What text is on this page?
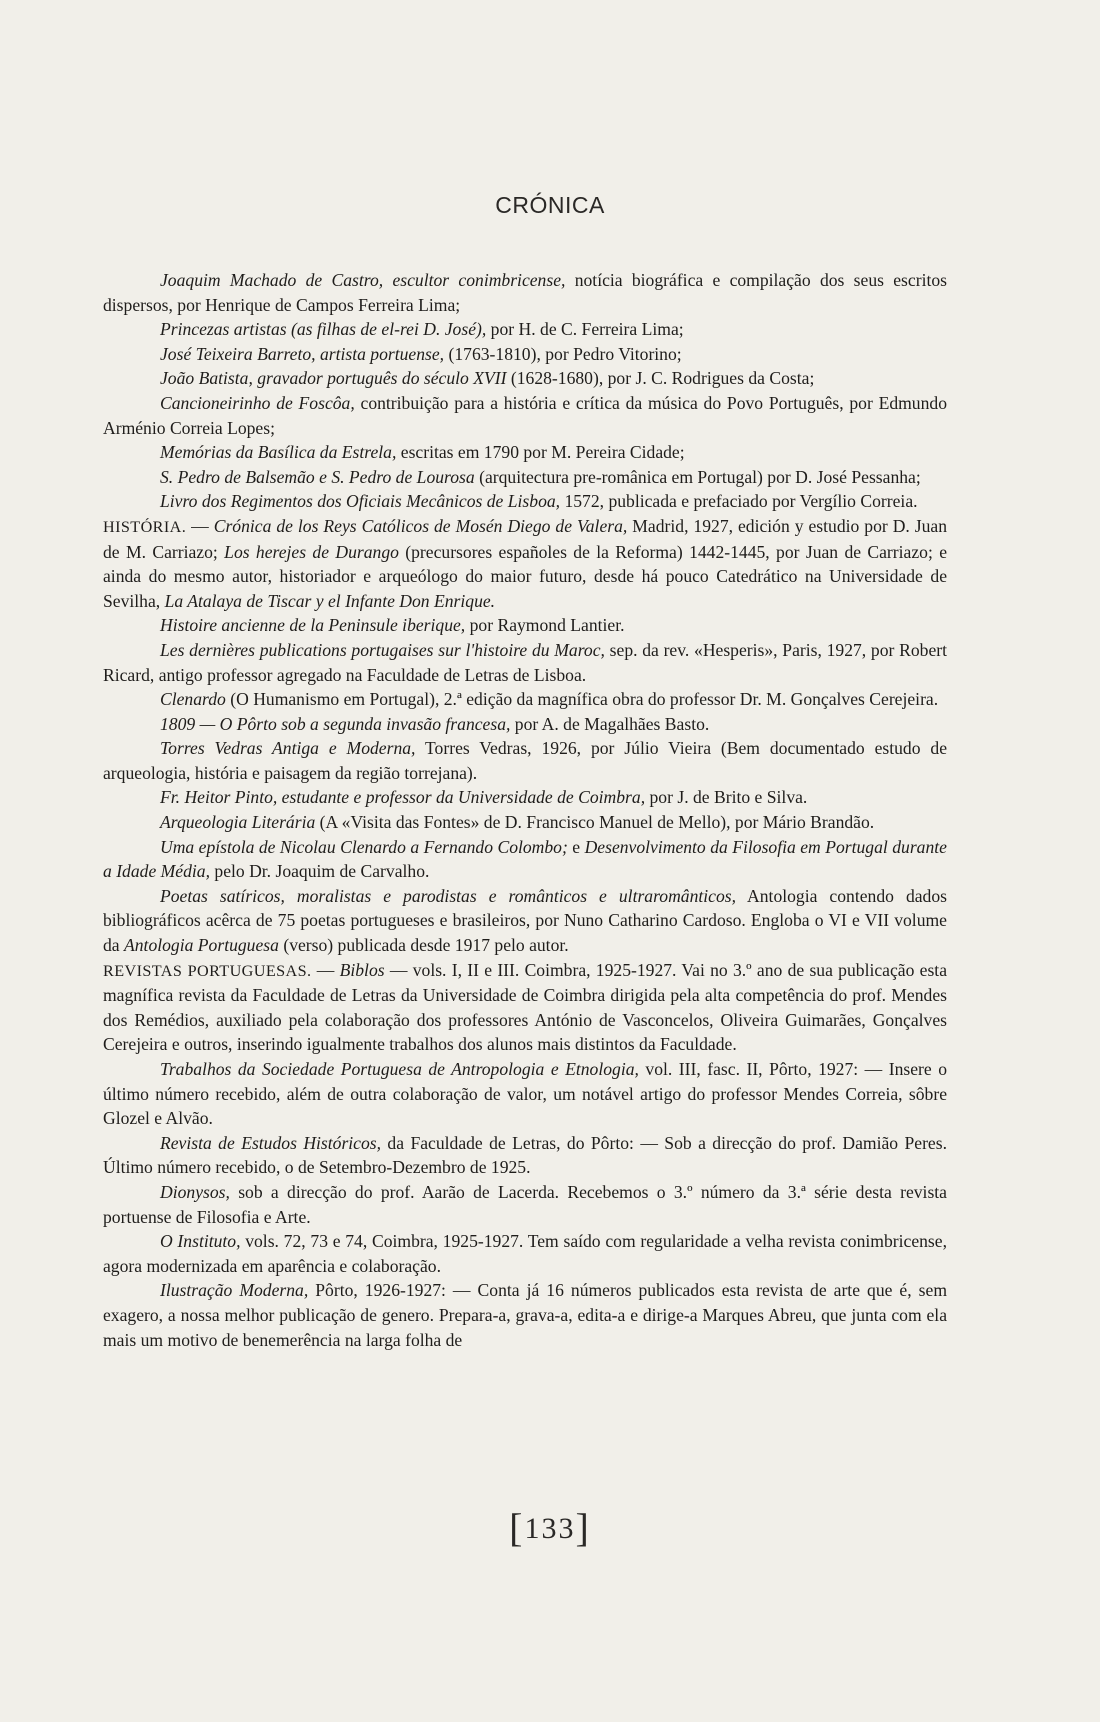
CRÓNICA

Joaquim Machado de Castro, escultor conimbricense, notícia biográfica e compilação dos seus escritos dispersos, por Henrique de Campos Ferreira Lima;

Princezas artistas (as filhas de el-rei D. José), por H. de C. Ferreira Lima;

José Teixeira Barreto, artista portuense, (1763-1810), por Pedro Vitorino;

João Batista, gravador português do século XVII (1628-1680), por J. C. Rodrigues da Costa;

Cancioneirinho de Foscôa, contribuição para a história e crítica da música do Povo Português, por Edmundo Arménio Correia Lopes;

Memórias da Basílica da Estrela, escritas em 1790 por M. Pereira Cidade;

S. Pedro de Balsemão e S. Pedro de Lourosa (arquitectura pre-românica em Portugal) por D. José Pessanha;

Livro dos Regimentos dos Oficiais Mecânicos de Lisboa, 1572, publicada e prefaciado por Vergílio Correia.

HISTÓRIA. — Crónica de los Reys Católicos de Mosén Diego de Valera, Madrid, 1927, edición y estudio por D. Juan de M. Carriazo; Los herejes de Durango (precursores españoles de la Reforma) 1442-1445, por Juan de Carriazo; e ainda do mesmo autor, historiador e arqueólogo do maior futuro, desde há pouco Catedrático na Universidade de Sevilha, La Atalaya de Tiscar y el Infante Don Enrique.

Histoire ancienne de la Peninsule iberique, por Raymond Lantier.

Les dernières publications portugaises sur l'histoire du Maroc, sep. da rev. «Hesperis», Paris, 1927, por Robert Ricard, antigo professor agregado na Faculdade de Letras de Lisboa.

Clenardo (O Humanismo em Portugal), 2.ª edição da magnífica obra do professor Dr. M. Gonçalves Cerejeira.

1809 — O Pôrto sob a segunda invasão francesa, por A. de Magalhães Basto.

Torres Vedras Antiga e Moderna, Torres Vedras, 1926, por Júlio Vieira (Bem documentado estudo de arqueologia, história e paisagem da região torrejana).

Fr. Heitor Pinto, estudante e professor da Universidade de Coimbra, por J. de Brito e Silva.

Arqueologia Literária (A «Visita das Fontes» de D. Francisco Manuel de Mello), por Mário Brandão.

Uma epístola de Nicolau Clenardo a Fernando Colombo; e Desenvolvimento da Filosofia em Portugal durante a Idade Média, pelo Dr. Joaquim de Carvalho.

Poetas satíricos, moralistas e parodistas e românticos e ultraromânticos, Antologia contendo dados bibliográficos acêrca de 75 poetas portugueses e brasileiros, por Nuno Catharino Cardoso. Engloba o VI e VII volume da Antologia Portuguesa (verso) publicada desde 1917 pelo autor.

REVISTAS PORTUGUESAS. — Biblos — vols. I, II e III. Coimbra, 1925-1927. Vai no 3.º ano de sua publicação esta magnífica revista da Faculdade de Letras da Universidade de Coimbra dirigida pela alta competência do prof. Mendes dos Remédios, auxiliado pela colaboração dos professores António de Vasconcelos, Oliveira Guimarães, Gonçalves Cerejeira e outros, inserindo igualmente trabalhos dos alunos mais distintos da Faculdade.

Trabalhos da Sociedade Portuguesa de Antropologia e Etnologia, vol. III, fasc. II, Pôrto, 1927: — Insere o último número recebido, além de outra colaboração de valor, um notável artigo do professor Mendes Correia, sôbre Glozel e Alvão.

Revista de Estudos Históricos, da Faculdade de Letras, do Pôrto: — Sob a direcção do prof. Damião Peres. Último número recebido, o de Setembro-Dezembro de 1925.

Dionysos, sob a direcção do prof. Aarão de Lacerda. Recebemos o 3.º número da 3.ª série desta revista portuense de Filosofia e Arte.

O Instituto, vols. 72, 73 e 74, Coimbra, 1925-1927. Tem saído com regularidade a velha revista conimbricense, agora modernizada em aparência e colaboração.

Ilustração Moderna, Pôrto, 1926-1927: — Conta já 16 números publicados esta revista de arte que é, sem exagero, a nossa melhor publicação de genero. Prepara-a, grava-a, edita-a e dirige-a Marques Abreu, que junta com ela mais um motivo de benemerência na larga folha de

[133]
